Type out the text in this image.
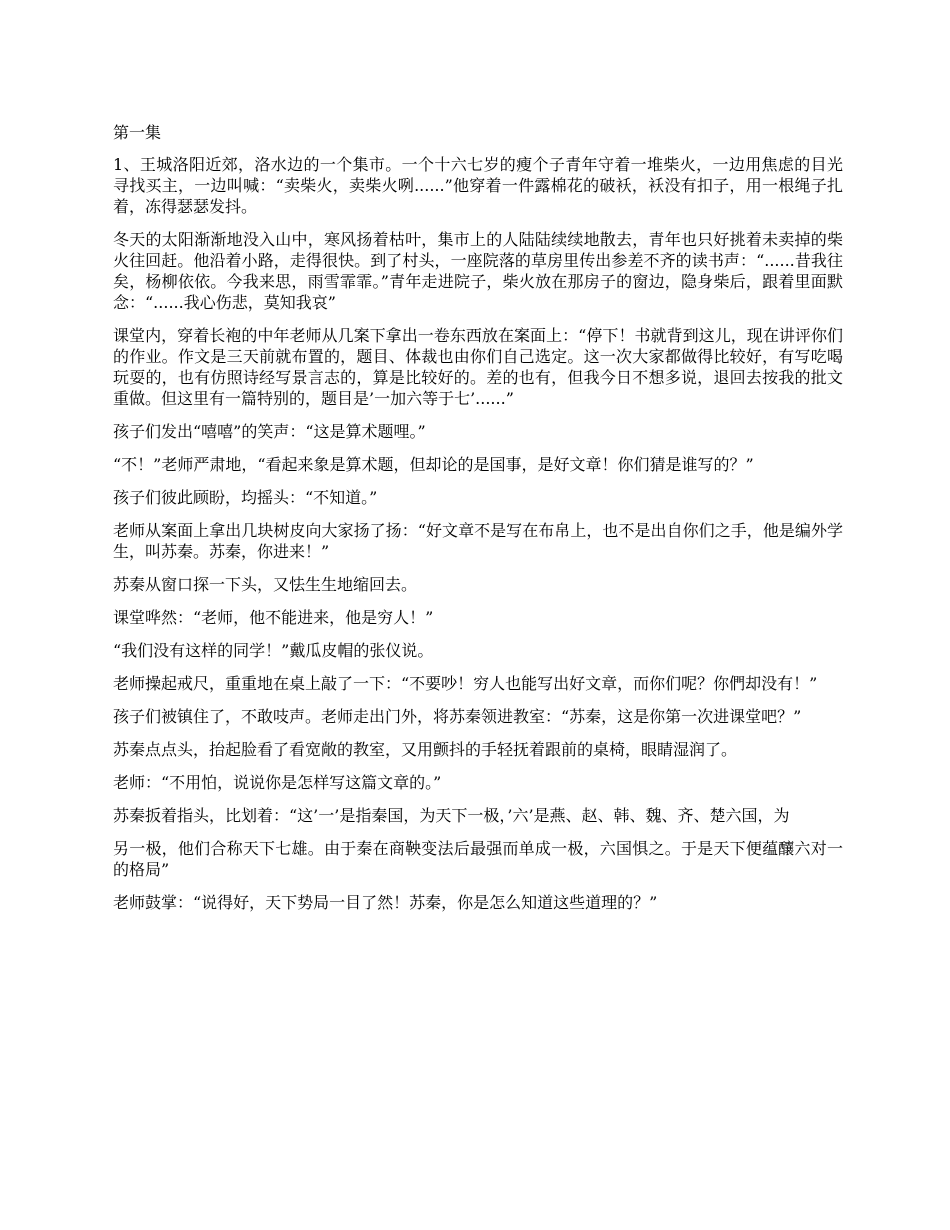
第一集

1、王城洛阳近郊，洛水边的一个集市。一个十六七岁的瘦个子青年守着一堆柴火，一边用焦虑的目光寻找买主，一边叫喊：“卖柴火，卖柴火咧......”他穿着一件露棉花的破袄，袄没有扣子，用一根绳子扎着，冻得瑟瑟发抖。

冬天的太阳渐渐地没入山中，寒风扬着枯叶，集市上的人陆陆续续地散去，青年也只好挑着未卖掉的柴火往回赶。他沿着小路，走得很快。到了村头，一座院落的草房里传出参差不齐的读书声：“......昔我往矣，杨柳依依。今我来思，雨雪霏霏。”青年走进院子，柴火放在那房子的窗边，隐身柴后，跟着里面默念：“......我心伤悲，莫知我哀”

课堂内，穿着长袍的中年老师从几案下拿出一卷东西放在案面上：“停下！书就背到这儿，现在讲评你们的作业。作文是三天前就布置的，题目、体裁也由你们自己选定。这一次大家都做得比较好，有写吃喝玩耍的，也有仿照诗经写景言志的，算是比较好的。差的也有，但我今日不想多说，退回去按我的批文重做。但这里有一篇特别的，题目是’一加六等于七’......”

孩子们发出“嘻嘻”的笑声：“这是算术题哩。”

“不！”老师严肃地，“看起来象是算术题，但却论的是国事，是好文章！你们猜是谁写的？”

孩子们彼此顾盼，均摇头：“不知道。”

老师从案面上拿出几块树皮向大家扬了扬：“好文章不是写在布帛上，也不是出自你们之手，他是编外学生，叫苏秦。苏秦，你进来！”

苏秦从窗口探一下头，又怯生生地缩回去。

课堂哗然：“老师，他不能进来，他是穷人！”

“我们没有这样的同学！”戴瓜皮帽的张仪说。

老师操起戒尺，重重地在桌上敲了一下：“不要吵！穷人也能写出好文章，而你们呢？你們却没有！”

孩子们被镇住了，不敢吱声。老师走出门外，将苏秦领进教室：“苏秦，这是你第一次进课堂吧？”

苏秦点点头，抬起脸看了看宽敞的教室，又用颤抖的手轻抚着跟前的桌椅，眼睛湿润了。

老师：“不用怕，说说你是怎样写这篇文章的。”

苏秦扳着指头，比划着：“这’一’是指秦国，为天下一极，’六’是燕、赵、韩、魏、齐、楚六国，为

另一极，他们合称天下七雄。由于秦在商鞅变法后最强而单成一极，六国惧之。于是天下便蕴釀六对一的格局”

老师鼓掌：“说得好，天下势局一目了然！苏秦，你是怎么知道这些道理的？”
